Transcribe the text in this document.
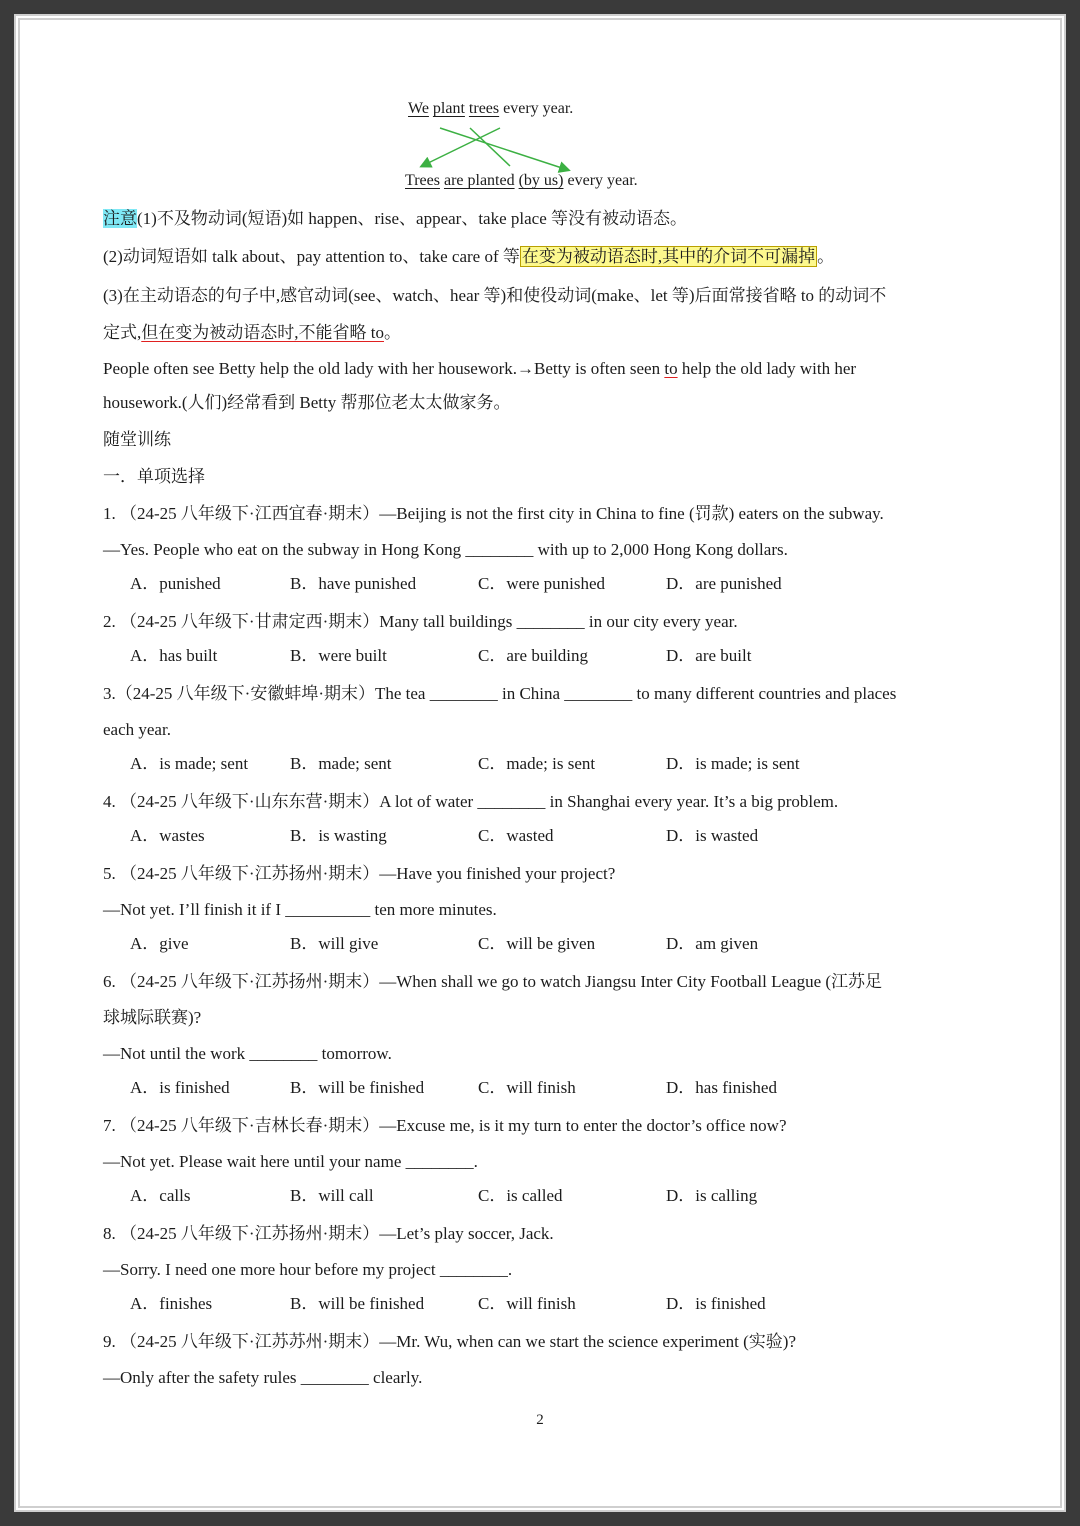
We plant trees every year.
Trees are planted (by us) every year.
注意(1)不及物动词(短语)如 happen、rise、appear、take place 等没有被动语态。
(2)动词短语如 talk about、pay attention to、take care of 等 在变为被动语态时,其中的介词不可漏掉 。
(3)在主动语态的句子中,感官动词(see、watch、hear 等)和使役动词(make、let 等)后面常接省略 to 的动词不
定式,但在变为被动语态时,不能省略 to。
People often see Betty help the old lady with her housework.→Betty is often seen to help the old lady with her
housework.(人们)经常看到 Betty 帮那位老太太做家务。
随堂训练
一．单项选择
1. （24-25 八年级下·江西宜春·期末）—Beijing is not the first city in China to fine (罚款) eaters on the subway.
—Yes. People who eat on the subway in Hong Kong ________ with up to 2,000 Hong Kong dollars.
A．punished	B．have punished	C．were punished	D．are punished
2. （24-25 八年级下·甘肃定西·期末）Many tall buildings ________ in our city every year.
A．has built	B．were built	C．are building	D．are built
3.（24-25 八年级下·安徽蚌埠·期末）The tea ________ in China ________ to many different countries and places
each year.
A．is made; sent B．made; sent	C．made; is sent	D．is made; is sent
4. （24-25 八年级下·山东东营·期末）A lot of water ________ in Shanghai every year. It’s a big problem.
A．wastes	B．is wasting	C．wasted	D．is wasted
5. （24-25 八年级下·江苏扬州·期末）—Have you finished your project?
—Not yet. I’ll finish it if I __________ ten more minutes.
A．give	B．will give	C．will be given	D．am given
6. （24-25 八年级下·江苏扬州·期末）—When shall we go to watch Jiangsu Inter City Football League (江苏足
球城际联赛)?
—Not until the work ________ tomorrow.
A．is finished	B．will be finished	C．will finish	D．has finished
7. （24-25 八年级下·吉林长春·期末）—Excuse me, is it my turn to enter the doctor’s office now?
—Not yet. Please wait here until your name ________.
A．calls	B．will call	C．is called	D．is calling
8. （24-25 八年级下·江苏扬州·期末）—Let’s play soccer, Jack.
—Sorry. I need one more hour before my project ________.
A．finishes	B．will be finished	C．will finish	D．is finished
9. （24-25 八年级下·江苏苏州·期末）—Mr. Wu, when can we start the science experiment (实验)?
—Only after the safety rules ________ clearly.
2
